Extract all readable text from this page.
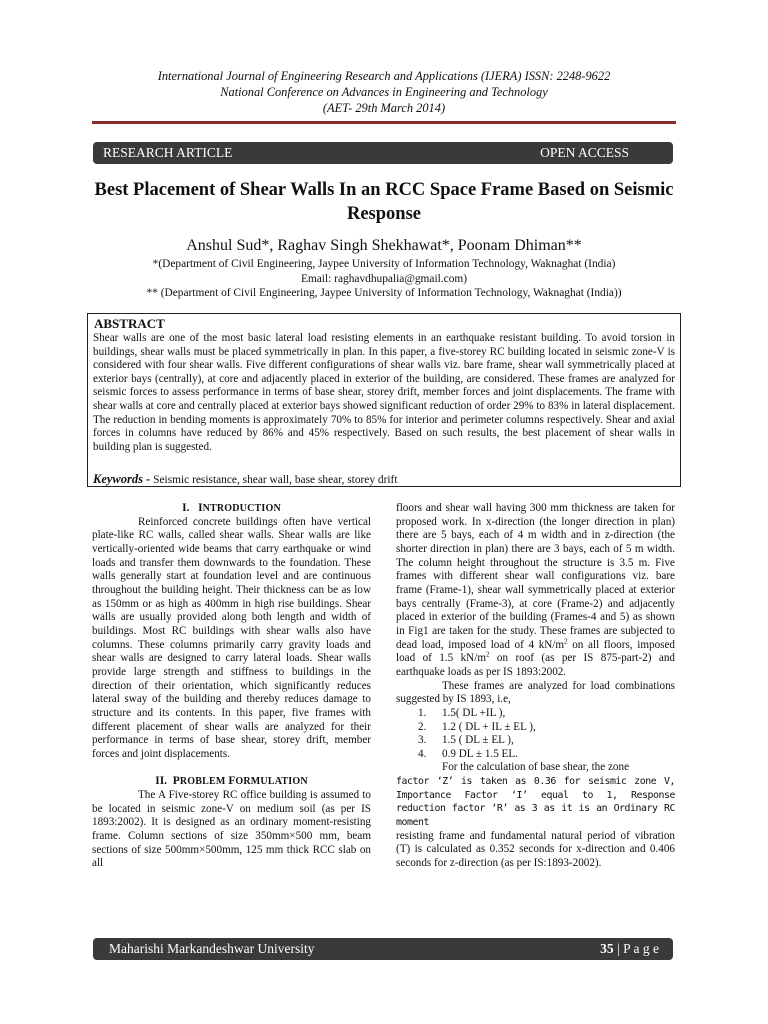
International Journal of Engineering Research and Applications (IJERA) ISSN: 2248-9622
National Conference on Advances in Engineering and Technology
(AET- 29th March 2014)
RESEARCH ARTICLE	OPEN ACCESS
Best Placement of Shear Walls In an RCC Space Frame Based on Seismic Response
Anshul Sud*, Raghav Singh Shekhawat*, Poonam Dhiman**
*(Department of Civil Engineering, Jaypee University of Information Technology, Waknaghat (India)
Email: raghavdhupalia@gmail.com)
** (Department of Civil Engineering, Jaypee University of Information Technology, Waknaghat (India))
ABSTRACT
Shear walls are one of the most basic lateral load resisting elements in an earthquake resistant building. To avoid torsion in buildings, shear walls must be placed symmetrically in plan. In this paper, a five-storey RC building located in seismic zone-V is considered with four shear walls. Five different configurations of shear walls viz. bare frame, shear wall symmetrically placed at exterior bays (centrally), at core and adjacently placed in exterior of the building, are considered. These frames are analyzed for seismic forces to assess performance in terms of base shear, storey drift, member forces and joint displacements. The frame with shear walls at core and centrally placed at exterior bays showed significant reduction of order 29% to 83% in lateral displacement. The reduction in bending moments is approximately 70% to 85% for interior and perimeter columns respectively. Shear and axial forces in columns have reduced by 86% and 45% respectively. Based on such results, the best placement of shear walls in building plan is suggested.
Keywords - Seismic resistance, shear wall, base shear, storey drift

I. INTRODUCTION

Reinforced concrete buildings often have vertical plate-like RC walls, called shear walls. Shear walls are like vertically-oriented wide beams that carry earthquake or wind loads and transfer them downwards to the foundation. These walls generally start at foundation level and are continuous throughout the building height. Their thickness can be as low as 150mm or as high as 400mm in high rise buildings. Shear walls are usually provided along both length and width of buildings. Most RC buildings with shear walls also have columns. These columns primarily carry gravity loads and shear walls are designed to carry lateral loads. Shear walls provide large strength and stiffness to buildings in the direction of their orientation, which significantly reduces lateral sway of the building and thereby reduces damage to structure and its contents. In this paper, five frames with different placement of shear walls are analyzed for their performance in terms of base shear, storey drift, member forces and joint displacements.

II. PROBLEM FORMULATION

The A Five-storey RC office building is assumed to be located in seismic zone-V on medium soil (as per IS 1893:2002). It is designed as an ordinary moment-resisting frame. Column sections of size 350mm×500 mm, beam sections of size 500mm×500mm, 125 mm thick RCC slab on all

floors and shear wall having 300 mm thickness are taken for proposed work. In x-direction (the longer direction in plan) there are 5 bays, each of 4 m width and in z-direction (the shorter direction in plan) there are 3 bays, each of 5 m width. The column height throughout the structure is 3.5 m. Five frames with different shear wall configurations viz. bare frame (Frame-1), shear wall symmetrically placed at exterior bays centrally (Frame-3), at core (Frame-2) and adjacently placed in exterior of the building (Frames-4 and 5) as shown in Fig1 are taken for the study. These frames are subjected to dead load, imposed load of 4 $kN/m^2$ on all floors, imposed load of 1.5 $kN/m^2$ on roof (as per IS 875-part-2) and earthquake loads as per IS 1893:2002.

These frames are analyzed for load combinations suggested by IS 1893, i.e,

1. 1.5( DL +IL ),
2. 1.2 ( DL + IL ± EL ),
3. 1.5 ( DL ± EL ),
4. 0.9 DL ± 1.5 EL.

For the calculation of base shear, the zone

factor ‘Z’ is taken as 0.36 for seismic zone V, Importance Factor ‘I’ equal to 1, Response reduction factor ‘R’ as 3 as it is an Ordinary RC moment

resisting frame and fundamental natural period of vibration (T) is calculated as 0.352 seconds for x-direction and 0.406 seconds for z-direction (as per IS:1893-2002).

Maharishi Markandeshwar University	35 | P a g e
